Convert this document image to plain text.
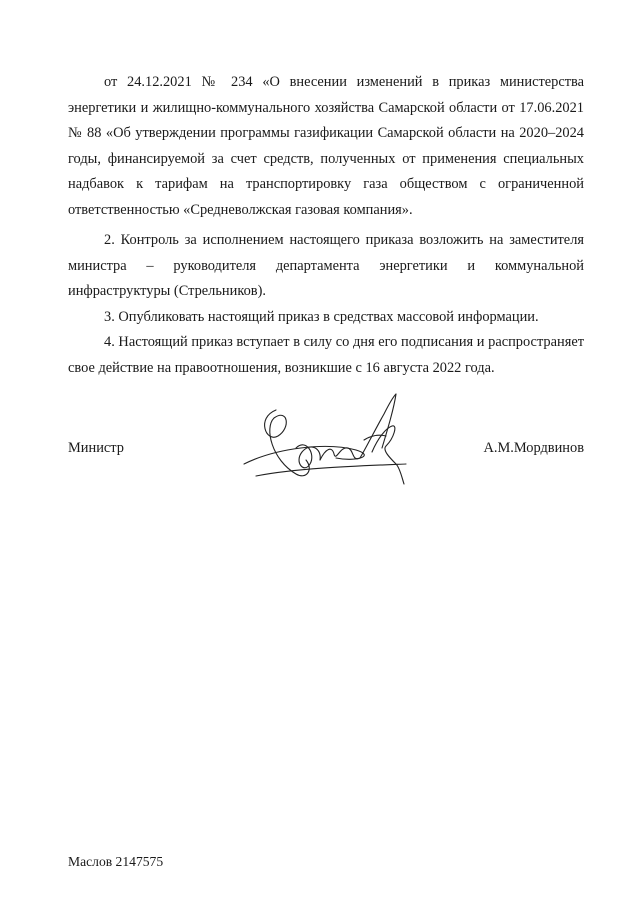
от 24.12.2021 № 234 «О внесении изменений в приказ министерства энергетики и жилищно-коммунального хозяйства Самарской области от 17.06.2021 № 88 «Об утверждении программы газификации Самарской области на 2020–2024 годы, финансируемой за счет средств, полученных от применения специальных надбавок к тарифам на транспортировку газа обществом с ограниченной ответственностью «Средневолжская газовая компания».

2. Контроль за исполнением настоящего приказа возложить на заместителя министра – руководителя департамента энергетики и коммунальной инфраструктуры (Стрельников).

3. Опубликовать настоящий приказ в средствах массовой информации.

4. Настоящий приказ вступает в силу со дня его подписания и распространяет свое действие на правоотношения, возникшие с 16 августа 2022 года.

Министр	А.М.Мордвинов
Маслов 2147575
